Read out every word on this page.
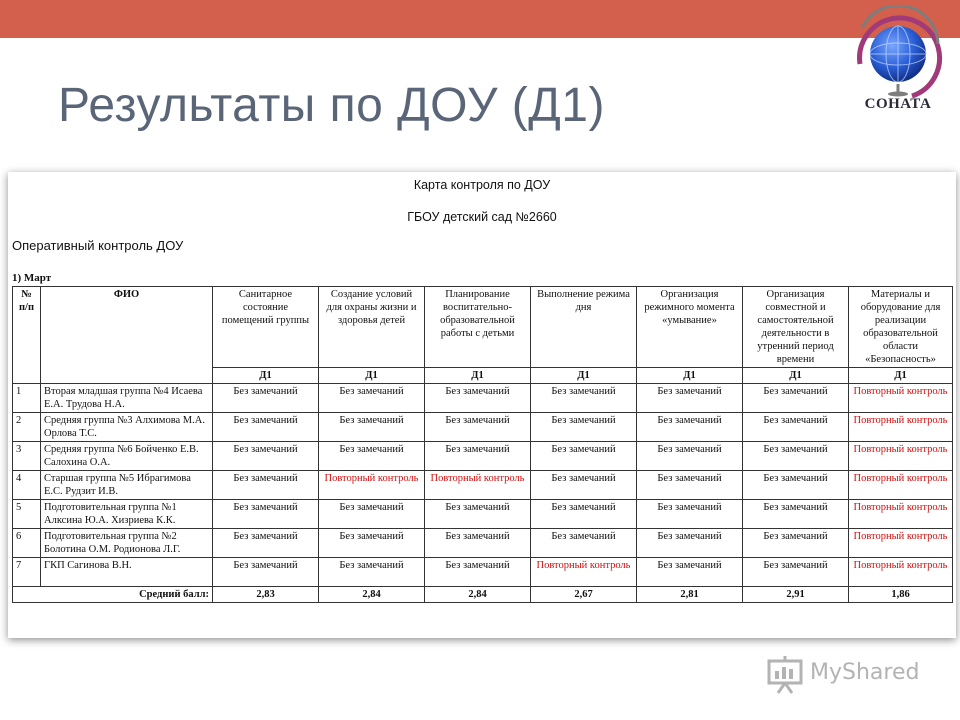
Результаты по ДОУ (Д1)	СОНАТА
Карта контроля по ДОУ
ГБОУ детский сад №2660
Оперативный контроль ДОУ
1) Март
№ п/п	ФИО	Санитарное состояние помещений группы	Создание условий для охраны жизни и здоровья детей	Планирование воспитательно-образовательной работы с детьми	Выполнение режима дня	Организация режимного момента «умывание»	Организация совместной и самостоятельной деятельности в утренний период времени	Материалы и оборудование для реализации образовательной области «Безопасность»
		Д1	Д1	Д1	Д1	Д1	Д1	Д1
1	Вторая младшая группа №4 Исаева Е.А. Трудова Н.А.	Без замечаний	Без замечаний	Без замечаний	Без замечаний	Без замечаний	Без замечаний	Повторный контроль
2	Средняя группа №3 Алхимова М.А. Орлова Т.С.	Без замечаний	Без замечаний	Без замечаний	Без замечаний	Без замечаний	Без замечаний	Повторный контроль
3	Средняя группа №6 Бойченко Е.В. Салохина О.А.	Без замечаний	Без замечаний	Без замечаний	Без замечаний	Без замечаний	Без замечаний	Повторный контроль
4	Старшая группа №5 Ибрагимова Е.С. Рудзит И.В.	Без замечаний	Повторный контроль	Повторный контроль	Без замечаний	Без замечаний	Без замечаний	Повторный контроль
5	Подготовительная группа №1 Алксина Ю.А. Хизриева К.К.	Без замечаний	Без замечаний	Без замечаний	Без замечаний	Без замечаний	Без замечаний	Повторный контроль
6	Подготовительная группа №2 Болотина О.М. Родионова Л.Г.	Без замечаний	Без замечаний	Без замечаний	Без замечаний	Без замечаний	Без замечаний	Повторный контроль
7	ГКП Сагинова В.Н.	Без замечаний	Без замечаний	Без замечаний	Повторный контроль	Без замечаний	Без замечаний	Повторный контроль
Средний балл:		2,83	2,84	2,84	2,67	2,81	2,91	1,86
MyShared
